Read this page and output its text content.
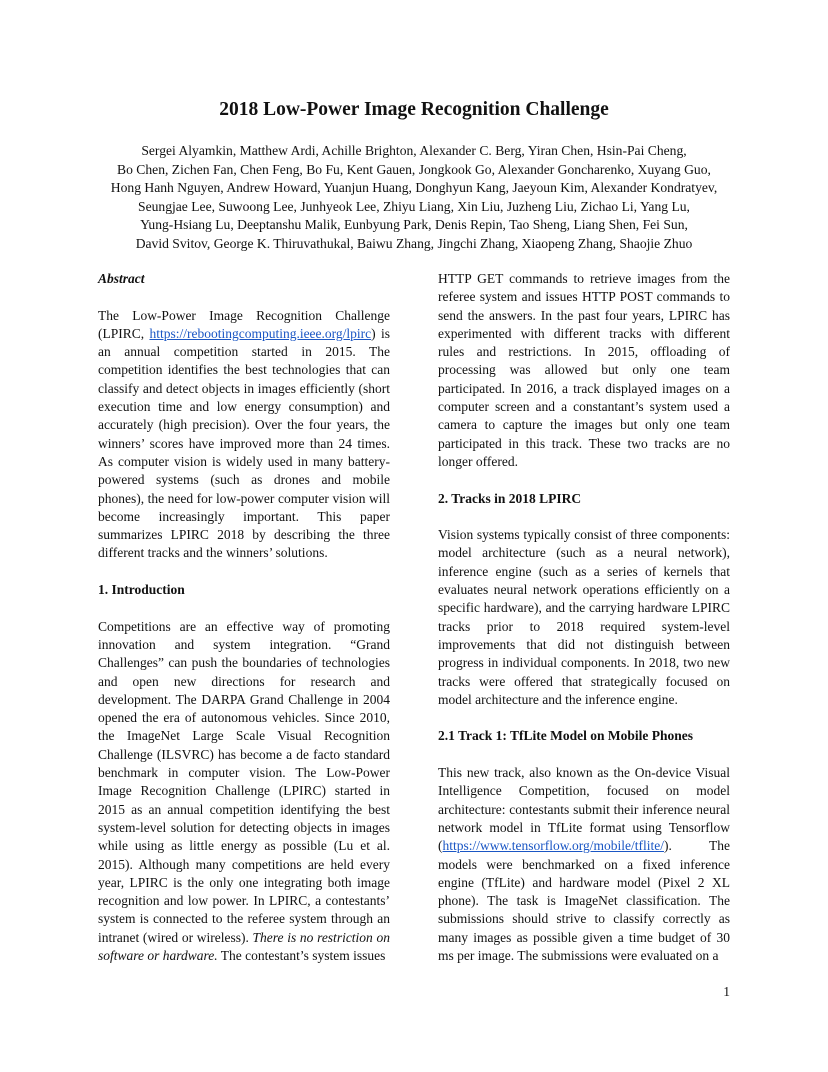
2018 Low-Power Image Recognition Challenge
Sergei Alyamkin, Matthew Ardi, Achille Brighton, Alexander C. Berg, Yiran Chen, Hsin-Pai Cheng,
Bo Chen, Zichen Fan, Chen Feng, Bo Fu, Kent Gauen, Jongkook Go, Alexander Goncharenko, Xuyang Guo,
Hong Hanh Nguyen, Andrew Howard, Yuanjun Huang, Donghyun Kang, Jaeyoun Kim, Alexander Kondratyev,
Seungjae Lee, Suwoong Lee, Junhyeok Lee, Zhiyu Liang, Xin Liu, Juzheng Liu, Zichao Li, Yang Lu,
Yung-Hsiang Lu, Deeptanshu Malik, Eunbyung Park, Denis Repin, Tao Sheng, Liang Shen, Fei Sun,
David Svitov, George K. Thiruvathukal, Baiwu Zhang, Jingchi Zhang, Xiaopeng Zhang, Shaojie Zhuo
Abstract

The Low-Power Image Recognition Challenge (LPIRC, https://rebootingcomputing.ieee.org/lpirc) is an annual competition started in 2015. The competition identifies the best technologies that can classify and detect objects in images efficiently (short execution time and low energy consumption) and accurately (high precision). Over the four years, the winners’ scores have improved more than 24 times. As computer vision is widely used in many battery-powered systems (such as drones and mobile phones), the need for low-power computer vision will become increasingly important. This paper summarizes LPIRC 2018 by describing the three different tracks and the winners’ solutions.

1. Introduction

Competitions are an effective way of promoting innovation and system integration. “Grand Challenges” can push the boundaries of technologies and open new directions for research and development. The DARPA Grand Challenge in 2004 opened the era of autonomous vehicles. Since 2010, the ImageNet Large Scale Visual Recognition Challenge (ILSVRC) has become a de facto standard benchmark in computer vision. The Low-Power Image Recognition Challenge (LPIRC) started in 2015 as an annual competition identifying the best system-level solution for detecting objects in images while using as little energy as possible (Lu et al. 2015). Although many competitions are held every year, LPIRC is the only one integrating both image recognition and low power. In LPIRC, a contestants’ system is connected to the referee system through an intranet (wired or wireless). There is no restriction on software or hardware. The contestant’s system issues

HTTP GET commands to retrieve images from the referee system and issues HTTP POST commands to send the answers. In the past four years, LPIRC has experimented with different tracks with different rules and restrictions. In 2015, offloading of processing was allowed but only one team participated. In 2016, a track displayed images on a computer screen and a constantant’s system used a camera to capture the images but only one team participated in this track. These two tracks are no longer offered.

2. Tracks in 2018 LPIRC

Vision systems typically consist of three components: model architecture (such as a neural network), inference engine (such as a series of kernels that evaluates neural network operations efficiently on a specific hardware), and the carrying hardware LPIRC tracks prior to 2018 required system-level improvements that did not distinguish between progress in individual components. In 2018, two new tracks were offered that strategically focused on model architecture and the inference engine.

2.1 Track 1: TfLite Model on Mobile Phones

This new track, also known as the On-device Visual Intelligence Competition, focused on model architecture: contestants submit their inference neural network model in TfLite format using Tensorflow (https://www.tensorflow.org/mobile/tflite/). The models were benchmarked on a fixed inference engine (TfLite) and hardware model (Pixel 2 XL phone). The task is ImageNet classification. The submissions should strive to classify correctly as many images as possible given a time budget of 30 ms per image. The submissions were evaluated on a

1
